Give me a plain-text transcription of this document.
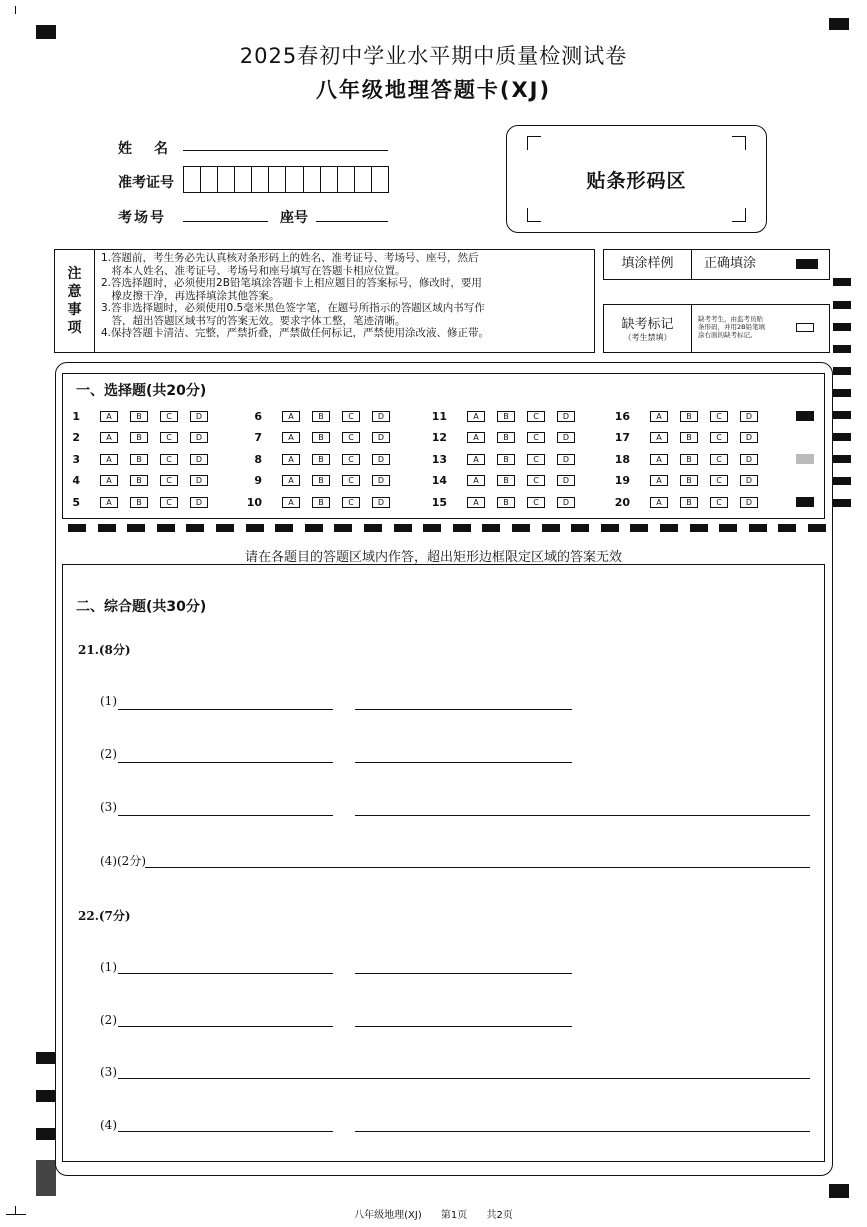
2025春初中学业水平期中质量检测试卷
八年级地理答题卡(XJ)
姓　名
准考证号
考场号	座号
贴条形码区
注
意
事
项

1.答题前，考生务必先认真核对条形码上的姓名、准考证号、考场号、座号，然后

　将本人姓名、准考证号、考场号和座号填写在答题卡相应位置。

2.答选择题时，必须使用2B铅笔填涂答题卡上相应题目的答案标号，修改时，要用

　橡皮擦干净，再选择填涂其他答案。

3.答非选择题时，必须使用0.5毫米黑色签字笔，在题号所指示的答题区域内书写作

　答，超出答题区域书写的答案无效。要求字体工整，笔迹清晰。

4.保持答题卡清洁、完整，严禁折叠，严禁做任何标记，严禁使用涂改液、修正带。

填涂样例	正确填涂
缺考标记
（考生禁填）
缺考考生，由监考员贴
条形码，并用2B铅笔填
涂右面的缺考标记。
一、选择题(共20分)
1	A	B	C	D
2	A	B	C	D
3	A	B	C	D
4	A	B	C	D
5	A	B	C	D
6	A	B	C	D
7	A	B	C	D
8	A	B	C	D
9	A	B	C	D
10	A	B	C	D
11	A	B	C	D
12	A	B	C	D
13	A	B	C	D
14	A	B	C	D
15	A	B	C	D
16	A	B	C	D
17	A	B	C	D
18	A	B	C	D
19	A	B	C	D
20	A	B	C	D
请在各题目的答题区域内作答，超出矩形边框限定区域的答案无效
二、综合题(共30分)
21.(8分)
(1)
(2)
(3)
(4)(2分)
22.(7分)
(1)
(2)
(3)
(4)
八年级地理(XJ) 第1页 共2页
